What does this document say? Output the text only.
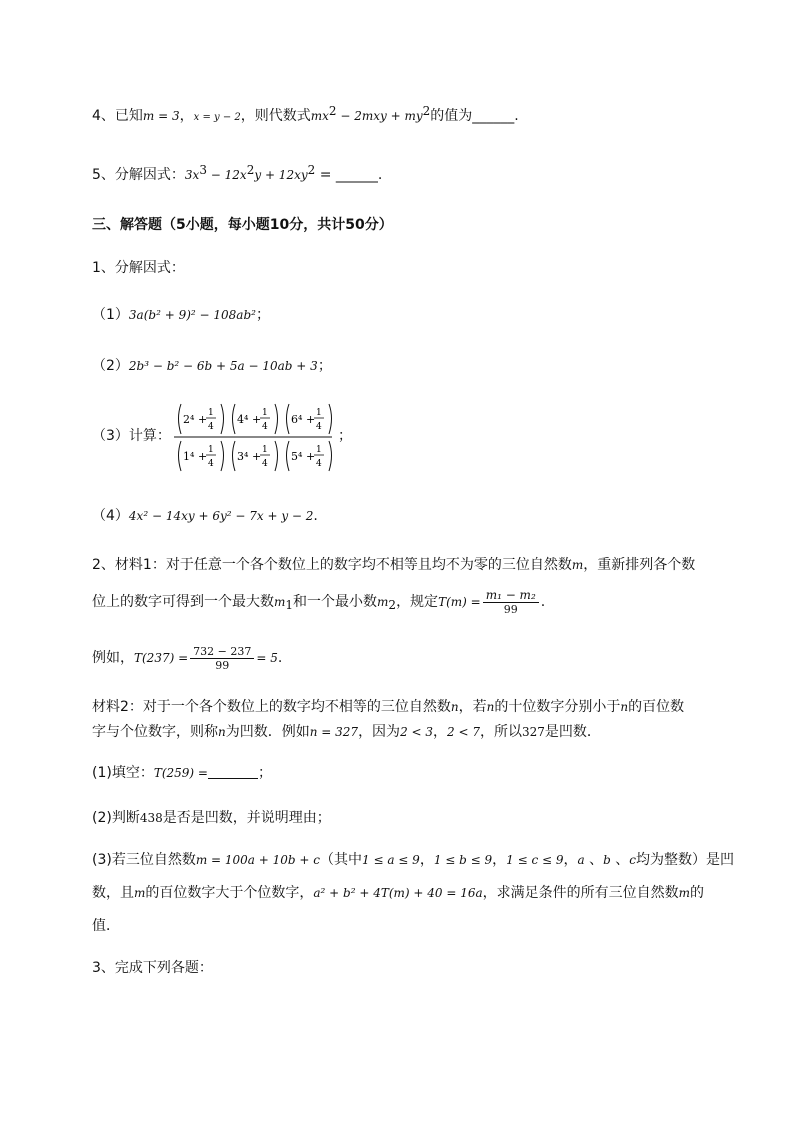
4、已知m = 3，x = y − 2，则代数式$mx^2 - 2mxy + my^2$的值为______.
5、分解因式：$3x^3 - 12x^2y + 12xy^2$ = ______.
三、解答题（5小题，每小题10分，共计50分）
1、分解因式：
（1）3a(b² + 9)² − 108ab²；
（2）2b³ − b² − 6b + 5a − 10ab + 3；
（3）计算：
2⁴ + 1
4
4⁴ + 1
4
6⁴ + 1
4
1⁴ + 1
4
3⁴ + 1
4
5⁴ + 1
4
；
（4）4x² − 14xy + 6y² − 7x + y − 2.
2、材料1：对于任意一个各个数位上的数字均不相等且均不为零的三位自然数m，重新排列各个数
位上的数字可得到一个最大数$m_1$和一个最小数$m_2$，规定$T(m) = \frac{\text{m₁ − m₂}}{99}$ .
例如，$T(237) = \frac{732 - 237}{99} = 5$.
材料2：对于一个各个数位上的数字均不相等的三位自然数n，若n的十位数字分别小于n的百位数
字与个位数字，则称n为凹数．例如n = 327，因为2 < 3，2 < 7，所以327是凹数．
(1)填空：T(259) =	；
(2)判断438是否是凹数，并说明理由；
(3)若三位自然数m = 100a + 10b + c（其中1 ≤ a ≤ 9，1 ≤ b ≤ 9，1 ≤ c ≤ 9，a 、b 、c均为整数）是凹
数，且m的百位数字大于个位数字，a² + b² + 4T(m) + 40 = 16a，求满足条件的所有三位自然数m的
值．
3、完成下列各题：
